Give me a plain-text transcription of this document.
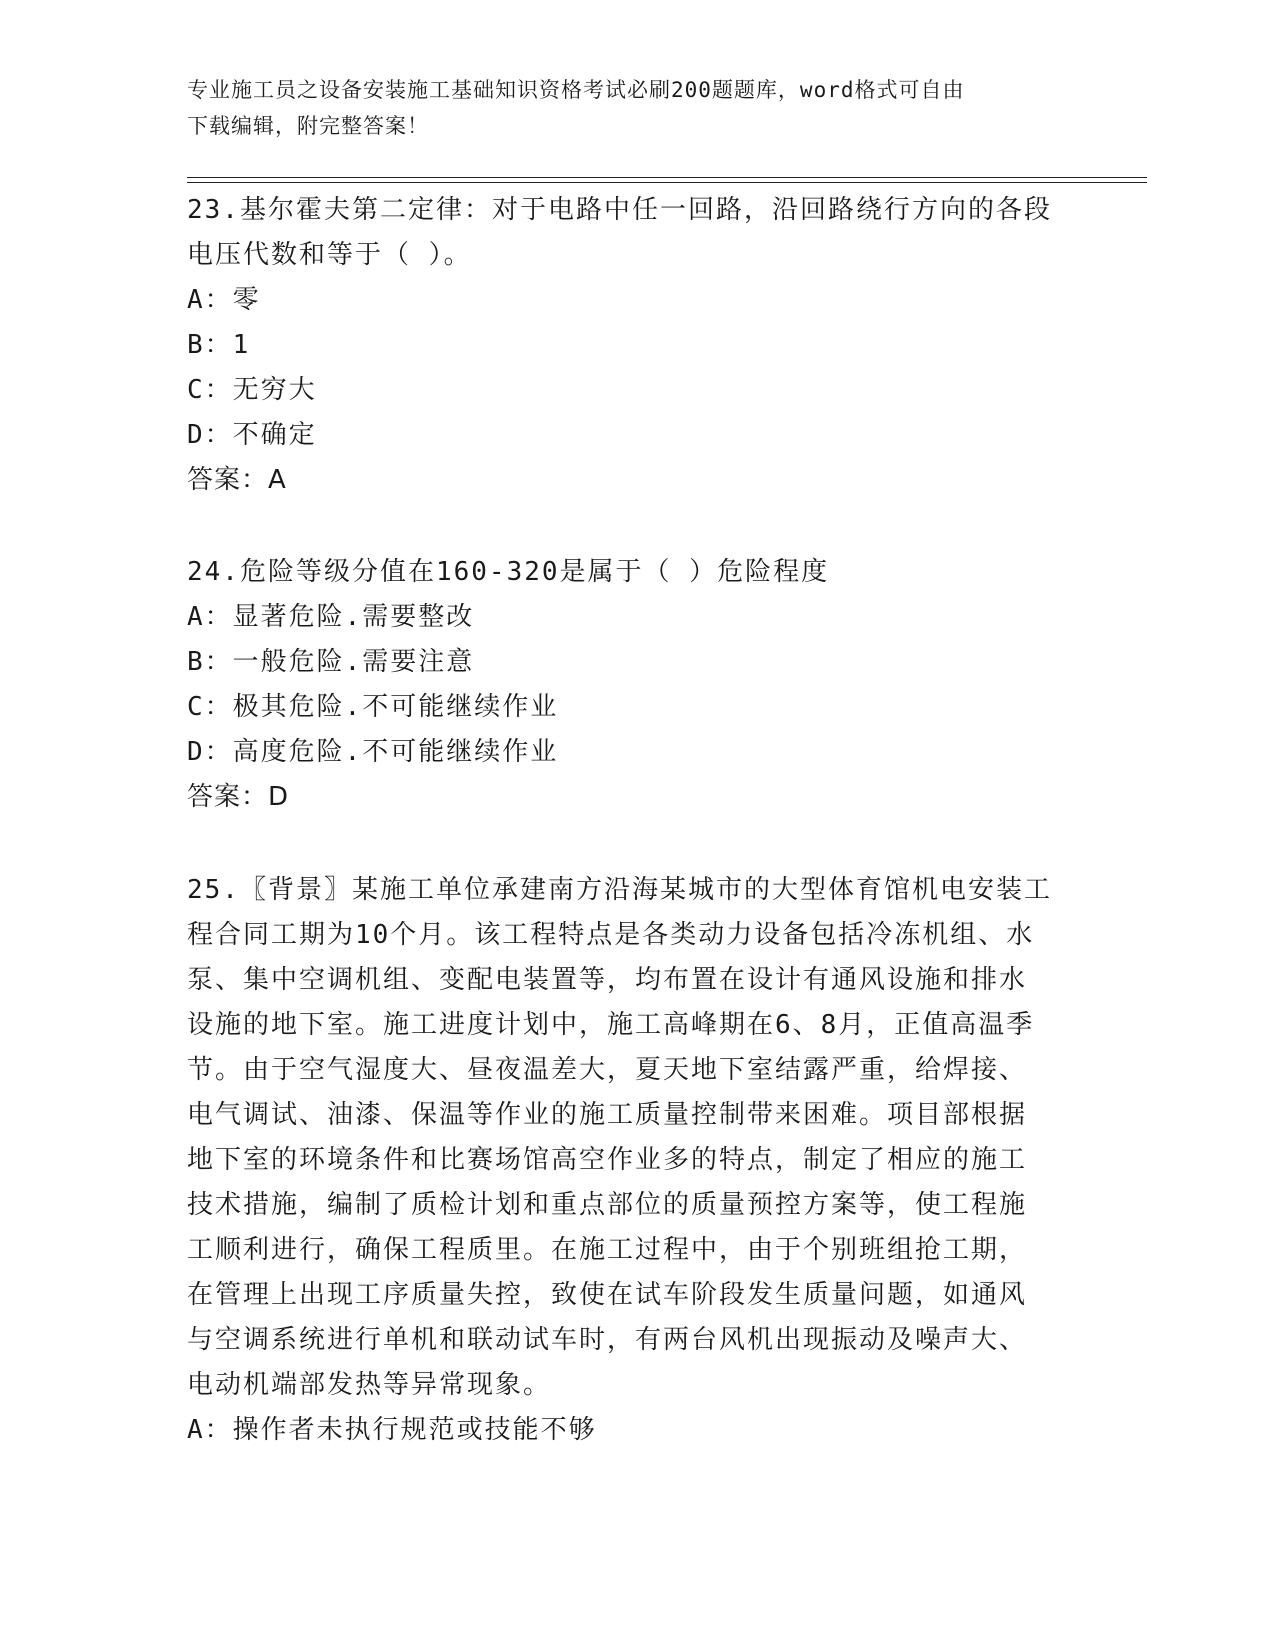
专业施工员之设备安装施工基础知识资格考试必刷200题题库，word格式可自由
下载编辑，附完整答案！

23.基尔霍夫第二定律：对于电路中任一回路，沿回路绕行方向的各段

电压代数和等于（ ）。

A：零

B：1

C：无穷大

D：不确定

答案：A

24.危险等级分值在160-320是属于（ ）危险程度

A：显著危险.需要整改

B：一般危险.需要注意

C：极其危险.不可能继续作业

D：高度危险.不可能继续作业

答案：D

25.〖背景〗某施工单位承建南方沿海某城市的大型体育馆机电安装工

程合同工期为10个月。该工程特点是各类动力设备包括冷冻机组、水

泵、集中空调机组、变配电装置等，均布置在设计有通风设施和排水

设施的地下室。施工进度计划中，施工高峰期在6、8月，正值高温季

节。由于空气湿度大、昼夜温差大，夏天地下室结露严重，给焊接、

电气调试、油漆、保温等作业的施工质量控制带来困难。项目部根据

地下室的环境条件和比赛场馆高空作业多的特点，制定了相应的施工

技术措施，编制了质检计划和重点部位的质量预控方案等，使工程施

工顺利进行，确保工程质里。在施工过程中，由于个别班组抢工期，

在管理上出现工序质量失控，致使在试车阶段发生质量问题，如通风

与空调系统进行单机和联动试车时，有两台风机出现振动及噪声大、

电动机端部发热等异常现象。

A：操作者未执行规范或技能不够
